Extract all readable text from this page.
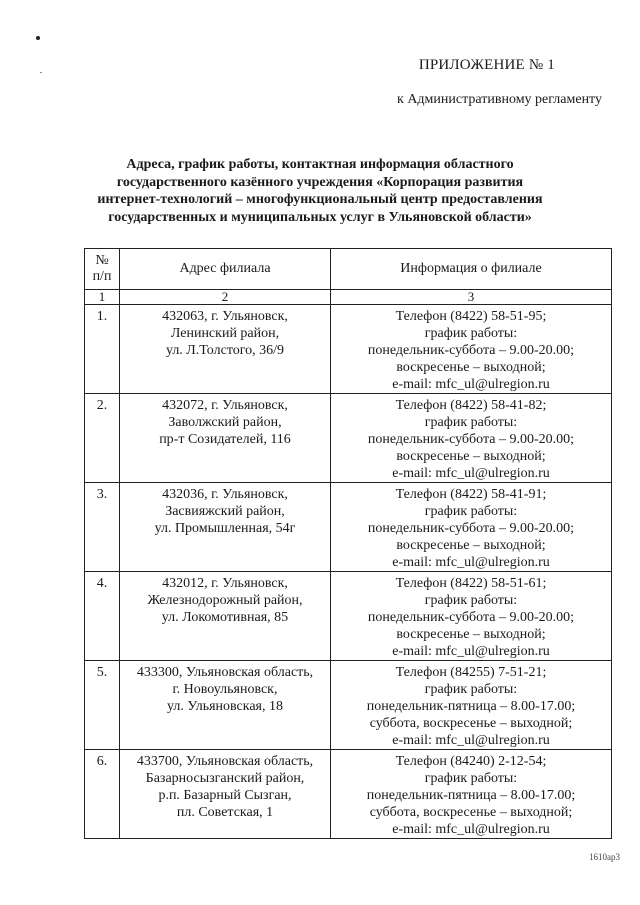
ПРИЛОЖЕНИЕ № 1
к Административному регламенту
Адреса, график работы, контактная информация областного
государственного казённого учреждения «Корпорация развития
интернет-технологий – многофункциональный центр предоставления
государственных и муниципальных услуг в Ульяновской области»
№
п/п	Адрес филиала	Информация о филиале
1	2	3
1.	432063, г. Ульяновск,
Ленинский район,
ул. Л.Толстого, 36/9	Телефон (8422) 58-51-95;
график работы:
понедельник-суббота – 9.00-20.00;
воскресенье – выходной;
e-mail: mfc_ul@ulregion.ru

2.	432072, г. Ульяновск,
Заволжский район,
пр-т Созидателей, 116	Телефон (8422) 58-41-82;
график работы:
понедельник-суббота – 9.00-20.00;
воскресенье – выходной;
e-mail: mfc_ul@ulregion.ru

3.	432036, г. Ульяновск,
Засвияжский район,
ул. Промышленная, 54г	Телефон (8422) 58-41-91;
график работы:
понедельник-суббота – 9.00-20.00;
воскресенье – выходной;
e-mail: mfc_ul@ulregion.ru

4.	432012, г. Ульяновск,
Железнодорожный район,
ул. Локомотивная, 85	Телефон (8422) 58-51-61;
график работы:
понедельник-суббота – 9.00-20.00;
воскресенье – выходной;
e-mail: mfc_ul@ulregion.ru

5.	433300, Ульяновская область,
г. Новоульяновск,
ул. Ульяновская, 18	Телефон (84255) 7-51-21;
график работы:
понедельник-пятница – 8.00-17.00;
суббота, воскресенье – выходной;
e-mail: mfc_ul@ulregion.ru

6.	433700, Ульяновская область,
Базарносызганский район,
р.п. Базарный Сызган,
пл. Советская, 1	Телефон (84240) 2-12-54;
график работы:
понедельник-пятница – 8.00-17.00;
суббота, воскресенье – выходной;
e-mail: mfc_ul@ulregion.ru
1610ар3
